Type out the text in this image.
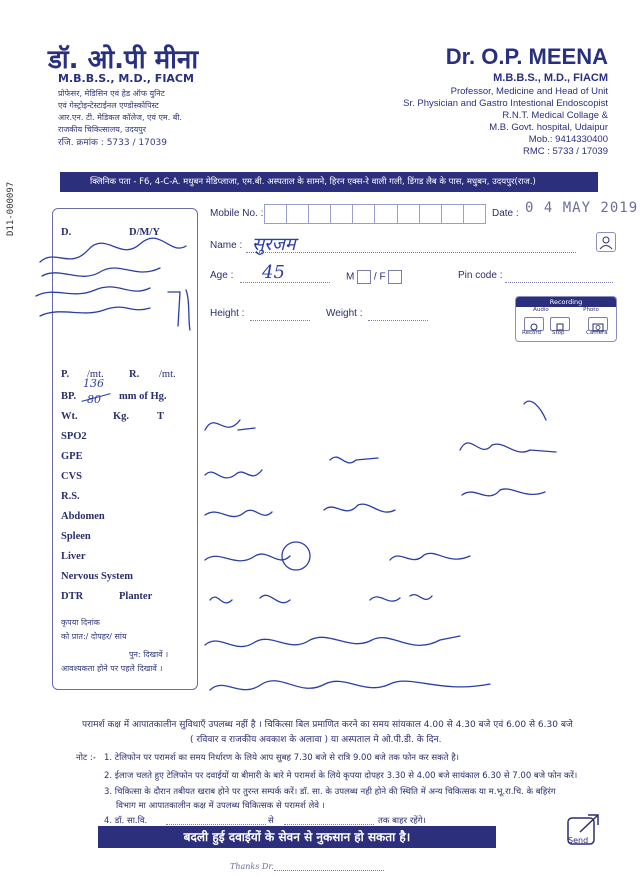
डॉ. ओ.पी मीना
M.B.B.S., M.D., FIACM
प्रोफेसर, मेडिसिन एवं हेड ऑफ युनिट
एवं गेस्ट्रोइन्टेस्टाईनल एण्डोस्कोपिस्ट
आर.एन. टी. मेडिकल कॉलेज, एवं एम. बी.
राजकीय चिकित्सालय, उदयपुर
रजि. क्रमांक : 5733 / 17039
Dr. O.P. MEENA
M.B.B.S., M.D., FIACM
Professor, Medicine and Head of Unit
Sr. Physician and Gastro Intestional Endoscopist
R.N.T. Medical Collage &
M.B. Govt. hospital, Udaipur
Mob.: 9414330400
RMC : 5733 / 17039
D11-000097	क्लिनिक पता - F6, 4-C-A. मधुबन मेडिप्लाजा, एम.बी. अस्पताल के सामने, हिरन एक्स-रे वाली गली, डिंगड लैब के पास, मधुबन, उदयपुर(राज.)
Mobile No. :	Date : 0 4 MAY 2019
Name : सुरजम
Age : 45	M / F	Pin code :
Height :	Weight :
Recording
Audio	Photo
Record Stop	Camera
D.	D/M/Y
P. /mt. R. /mt.
BP.
136
80 mm of Hg.
Wt.	Kg.	T
SPO2
GPE
CVS
R.S.
Abdomen
Spleen
Liver
Nervous System
DTR	Planter
कृपया दिनांक
को प्रात:/ दोपहर/ सांय
पुन: दिखावें ।
आवश्यकता होने पर पहले दिखावें ।
परामर्श कक्ष में आपातकालीन सुविधाएँ उपलब्ध नहीं है । चिकित्सा बिल प्रमाणित करने का समय सांयकाल 4.00 से 4.30 बजे एवं 6.00 से 6.30 बजे
( रविवार व राजकीय अवकाश के अलावा ) या अस्पताल मे ओ.पी.डी. के दिन.
नोट :- 1. टेलिफोन पर परामर्श का समय निर्धारण के लिये आप सुबह 7.30 बजे से रात्रि 9.00 बजे तक फोन कर सकते है।
2. ईलाज चलते हुए टेलिफोन पर दवाईयों या बीमारी के बारे मे परामर्श के लिये कृपया दोपहर 3.30 से 4.00 बजे सायंकाल 6.30 से 7.00 बजे फोन करें।
3. चिकित्सा के दौरान तबीयत खराब होने पर तुरन्त सम्पर्क करें। डॉ. सा. के उपलब्ध नही होने की स्थिति में अन्य चिकित्सक या म.भू.रा.चि. के बहिरंग
विभाग मा आपातकालीन कक्ष में उपलब्ध चिकित्सक से परामर्श लेवे ।
4. डॉ. सा.वि.	से	तक बाहर रहेंगे।
बदली हुई दवाईयों के सेवन से नुकसान हो सकता है।	Send
Thanks Dr.
